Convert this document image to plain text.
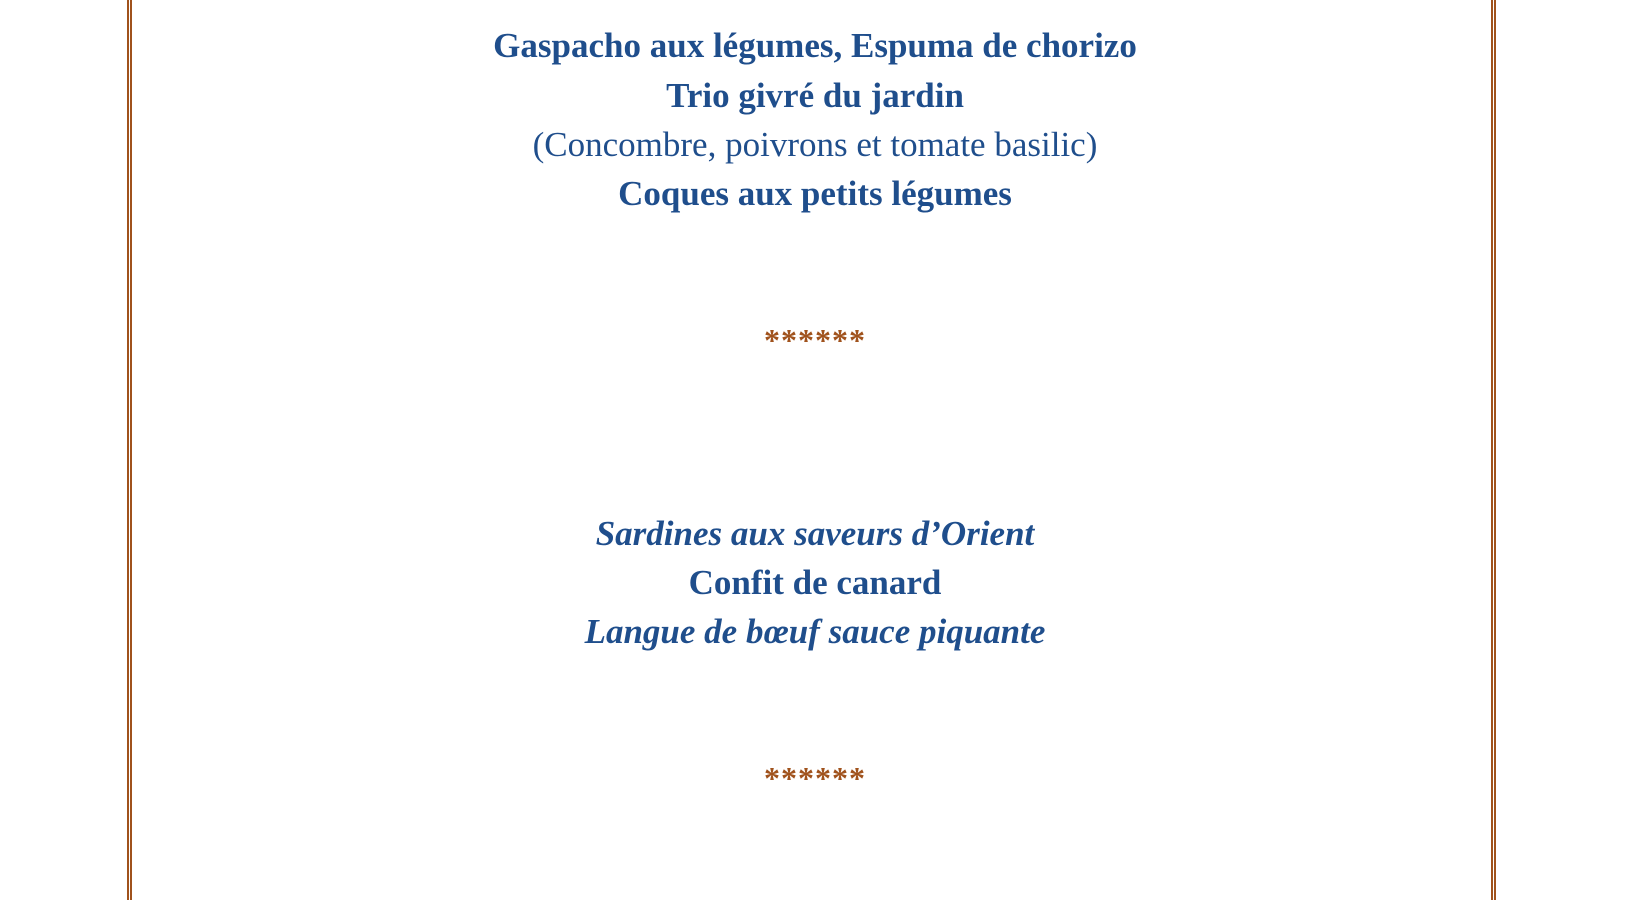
Gaspacho aux légumes, Espuma de chorizo
Trio givré du jardin
(Concombre, poivrons et tomate basilic)
Coques aux petits légumes
******
Sardines aux saveurs d’Orient
Confit de canard
Langue de bœuf sauce piquante
******
